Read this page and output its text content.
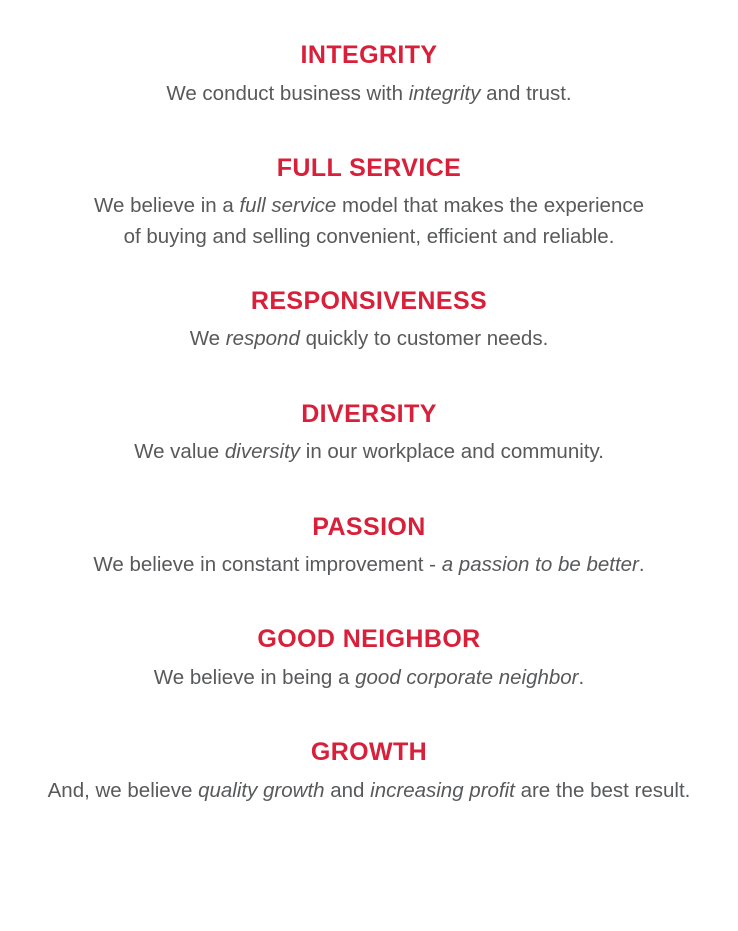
INTEGRITY
We conduct business with integrity and trust.
FULL SERVICE
We believe in a full service model that makes the experience
of buying and selling convenient, efficient and reliable.
RESPONSIVENESS
We respond quickly to customer needs.
DIVERSITY
We value diversity in our workplace and community.
PASSION
We believe in constant improvement - a passion to be better.
GOOD NEIGHBOR
We believe in being a good corporate neighbor.
GROWTH
And, we believe quality growth and increasing profit are the best result.
